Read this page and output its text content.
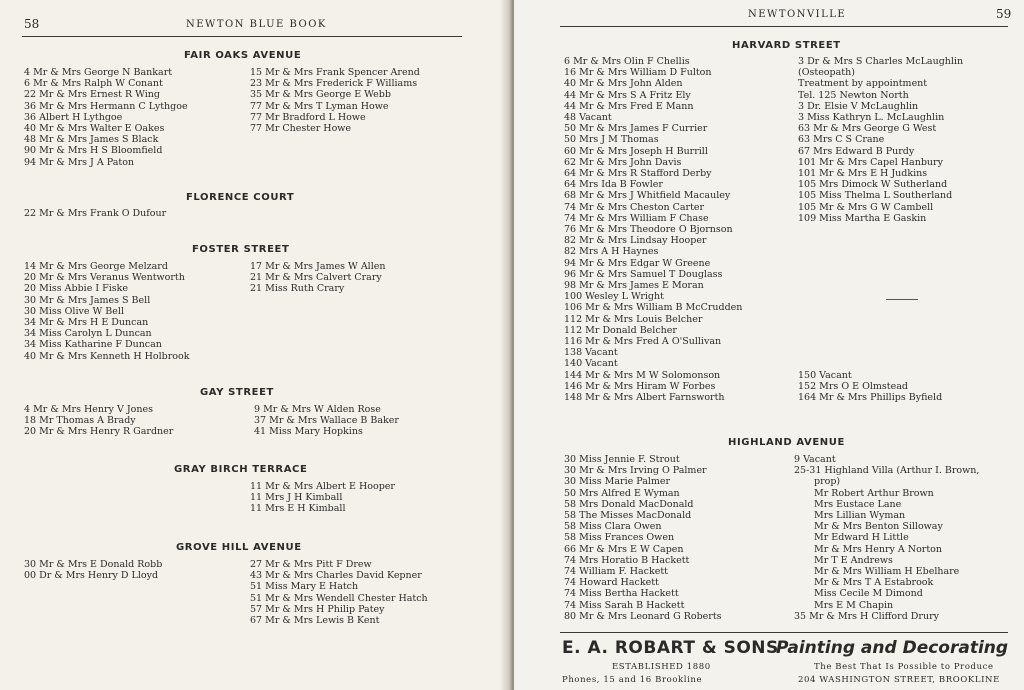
58	NEWTON BLUE BOOK
FAIR OAKS AVENUE
4 Mr & Mrs George N Bankart
6 Mr & Mrs Ralph W Conant
22 Mr & Mrs Ernest R Wing
36 Mr & Mrs Hermann C Lythgoe
36 Albert H Lythgoe
40 Mr & Mrs Walter E Oakes
48 Mr & Mrs James S Black
90 Mr & Mrs H S Bloomfield
94 Mr & Mrs J A Paton
15 Mr & Mrs Frank Spencer Arend
23 Mr & Mrs Frederick F Williams
35 Mr & Mrs George E Webb
77 Mr & Mrs T Lyman Howe
77 Mr Bradford L Howe
77 Mr Chester Howe
FLORENCE COURT
22 Mr & Mrs Frank O Dufour
FOSTER STREET
14 Mr & Mrs George Melzard
20 Mr & Mrs Veranus Wentworth
20 Miss Abbie I Fiske
30 Mr & Mrs James S Bell
30 Miss Olive W Bell
34 Mr & Mrs H E Duncan
34 Miss Carolyn L Duncan
34 Miss Katharine F Duncan
40 Mr & Mrs Kenneth H Holbrook
17 Mr & Mrs James W Allen
21 Mr & Mrs Calvert Crary
21 Miss Ruth Crary
GAY STREET
4 Mr & Mrs Henry V Jones
18 Mr Thomas A Brady
20 Mr & Mrs Henry R Gardner
9 Mr & Mrs W Alden Rose
37 Mr & Mrs Wallace B Baker
41 Miss Mary Hopkins
GRAY BIRCH TERRACE
11 Mr & Mrs Albert E Hooper
11 Mrs J H Kimball
11 Mrs E H Kimball
GROVE HILL AVENUE
30 Mr & Mrs E Donald Robb
00 Dr & Mrs Henry D Lloyd
27 Mr & Mrs Pitt F Drew
43 Mr & Mrs Charles David Kepner
51 Miss Mary E Hatch
51 Mr & Mrs Wendell Chester Hatch
57 Mr & Mrs H Philip Patey
67 Mr & Mrs Lewis B Kent
NEWTONVILLE	59
HARVARD STREET
6 Mr & Mrs Olin F Chellis
16 Mr & Mrs William D Fulton
40 Mr & Mrs John Alden
44 Mr & Mrs S A Fritz Ely
44 Mr & Mrs Fred E Mann
48 Vacant
50 Mr & Mrs James F Currier
50 Mrs J M Thomas
60 Mr & Mrs Joseph H Burrill
62 Mr & Mrs John Davis
64 Mr & Mrs R Stafford Derby
64 Mrs Ida B Fowler
68 Mr & Mrs J Whitfield Macauley
74 Mr & Mrs Cheston Carter
74 Mr & Mrs William F Chase
76 Mr & Mrs Theodore O Bjornson
82 Mr & Mrs Lindsay Hooper
82 Mrs A H Haynes
94 Mr & Mrs Edgar W Greene
96 Mr & Mrs Samuel T Douglass
98 Mr & Mrs James E Moran
100 Wesley L Wright
106 Mr & Mrs William B McCrudden
112 Mr & Mrs Louis Belcher
112 Mr Donald Belcher
116 Mr & Mrs Fred A O'Sullivan
138 Vacant
140 Vacant
144 Mr & Mrs M W Solomonson
146 Mr & Mrs Hiram W Forbes
148 Mr & Mrs Albert Farnsworth
3 Dr & Mrs S Charles McLaughlin
(Osteopath)
Treatment by appointment
Tel. 125 Newton North
3 Dr. Elsie V McLaughlin
3 Miss Kathryn L. McLaughlin
63 Mr & Mrs George G West
63 Mrs C S Crane
67 Mrs Edward B Purdy
101 Mr & Mrs Capel Hanbury
101 Mr & Mrs E H Judkins
105 Mrs Dimock W Sutherland
105 Miss Thelma L Southerland
105 Mr & Mrs G W Cambell
109 Miss Martha E Gaskin
150 Vacant
152 Mrs O E Olmstead
164 Mr & Mrs Phillips Byfield
HIGHLAND AVENUE
30 Miss Jennie F. Strout
30 Mr & Mrs Irving O Palmer
30 Miss Marie Palmer
50 Mrs Alfred E Wyman
58 Mrs Donald MacDonald
58 The Misses MacDonald
58 Miss Clara Owen
58 Miss Frances Owen
66 Mr & Mrs E W Capen
74 Mrs Horatio B Hackett
74 William F. Hackett
74 Howard Hackett
74 Miss Bertha Hackett
74 Miss Sarah B Hackett
80 Mr & Mrs Leonard G Roberts
9 Vacant
25-31 Highland Villa (Arthur I. Brown,
prop)
Mr Robert Arthur Brown
Mrs Eustace Lane
Mrs Lillian Wyman
Mr & Mrs Benton Silloway
Mr Edward H Little
Mr & Mrs Henry A Norton
Mr T E Andrews
Mr & Mrs William H Ebelhare
Mr & Mrs T A Estabrook
Miss Cecile M Dimond
Mrs E M Chapin
35 Mr & Mrs H Clifford Drury
E. A. ROBART & SONS
Painting and Decorating
ESTABLISHED 1880
Phones, 15 and 16 Brookline
The Best That Is Possible to Produce
204 WASHINGTON STREET, BROOKLINE
